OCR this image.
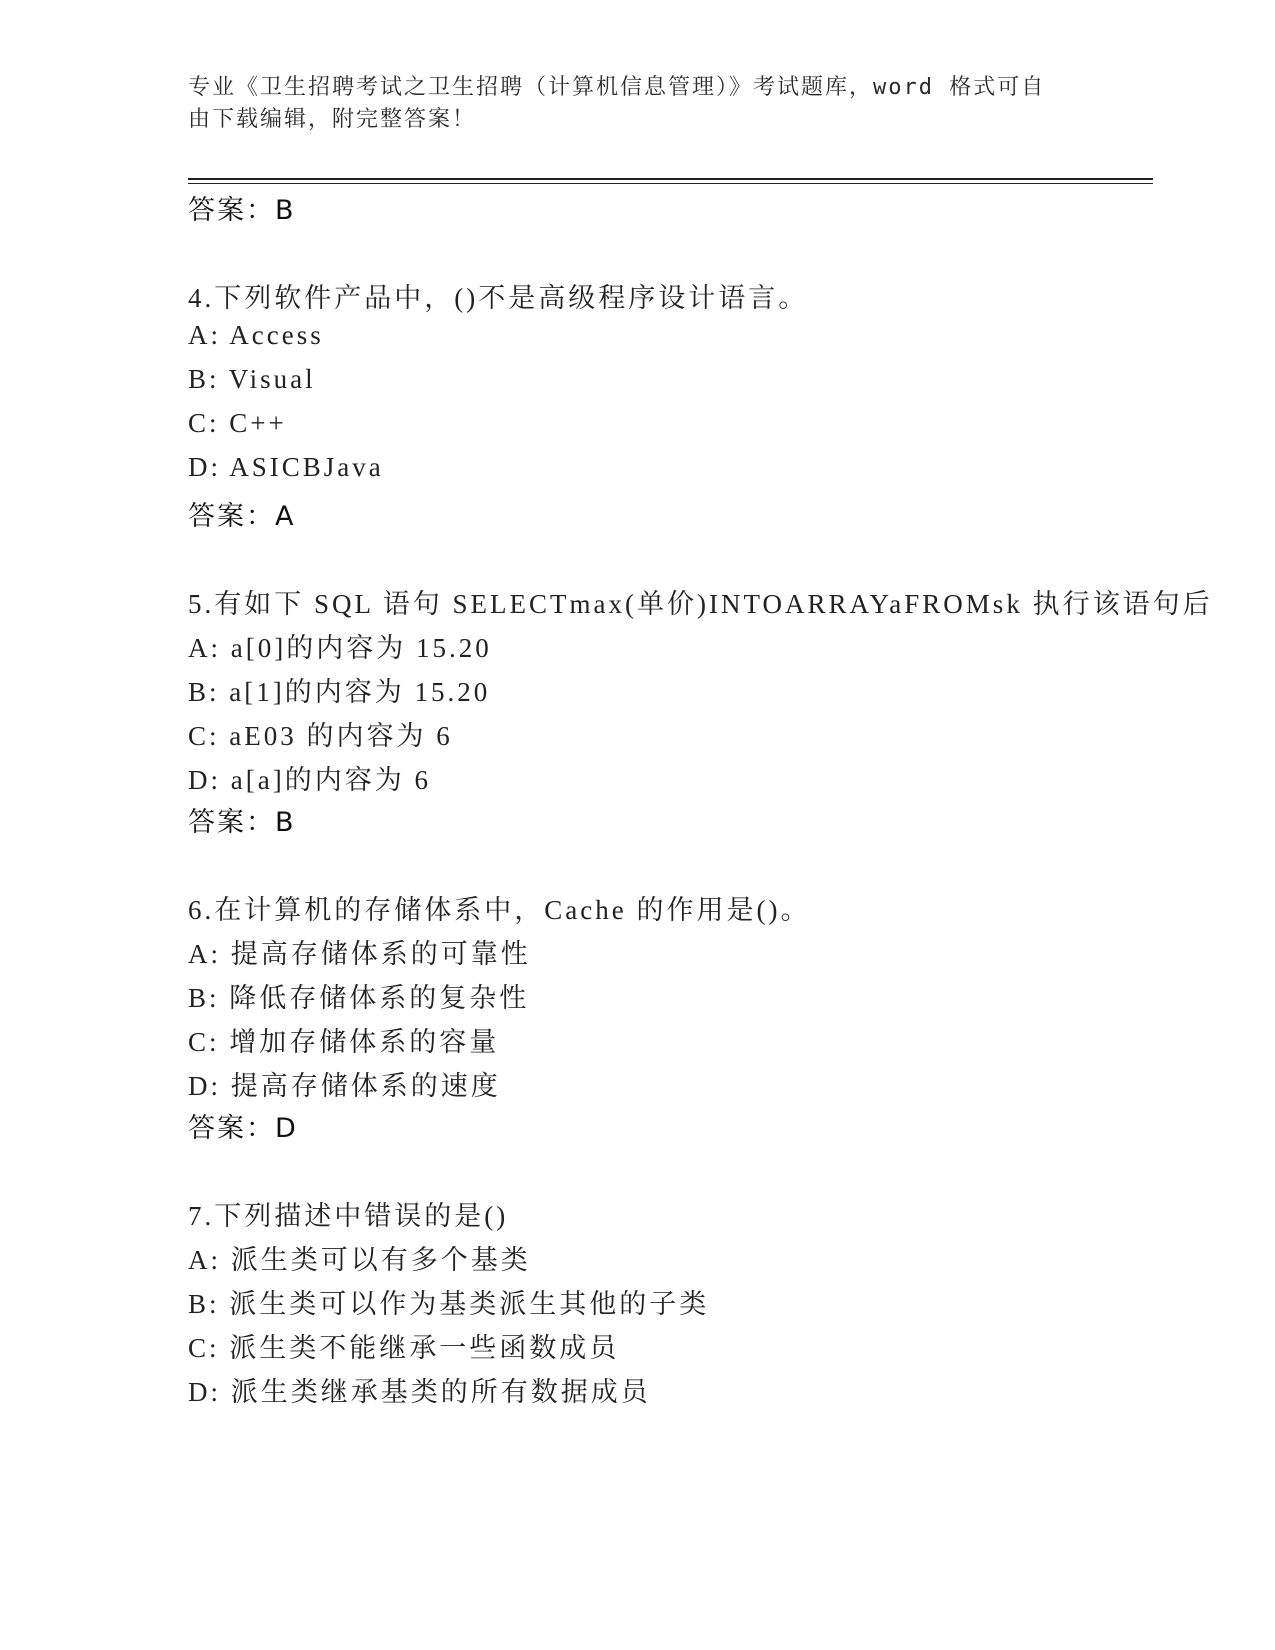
专业《卫生招聘考试之卫生招聘（计算机信息管理）》考试题库，word 格式可自
由下载编辑，附完整答案！
答案：B
4.下列软件产品中，()不是高级程序设计语言。
A: Access
B: Visual
C: C++
D: ASICBJava
答案：A
5.有如下 SQL 语句 SELECTmax(单价)INTOARRAYaFROMsk 执行该语句后
A: a[0]的内容为 15.20
B: a[1]的内容为 15.20
C: aE03 的内容为 6
D: a[a]的内容为 6
答案：B
6.在计算机的存储体系中，Cache 的作用是()。
A: 提高存储体系的可靠性
B: 降低存储体系的复杂性
C: 增加存储体系的容量
D: 提高存储体系的速度
答案：D
7.下列描述中错误的是()
A: 派生类可以有多个基类
B: 派生类可以作为基类派生其他的子类
C: 派生类不能继承一些函数成员
D: 派生类继承基类的所有数据成员
